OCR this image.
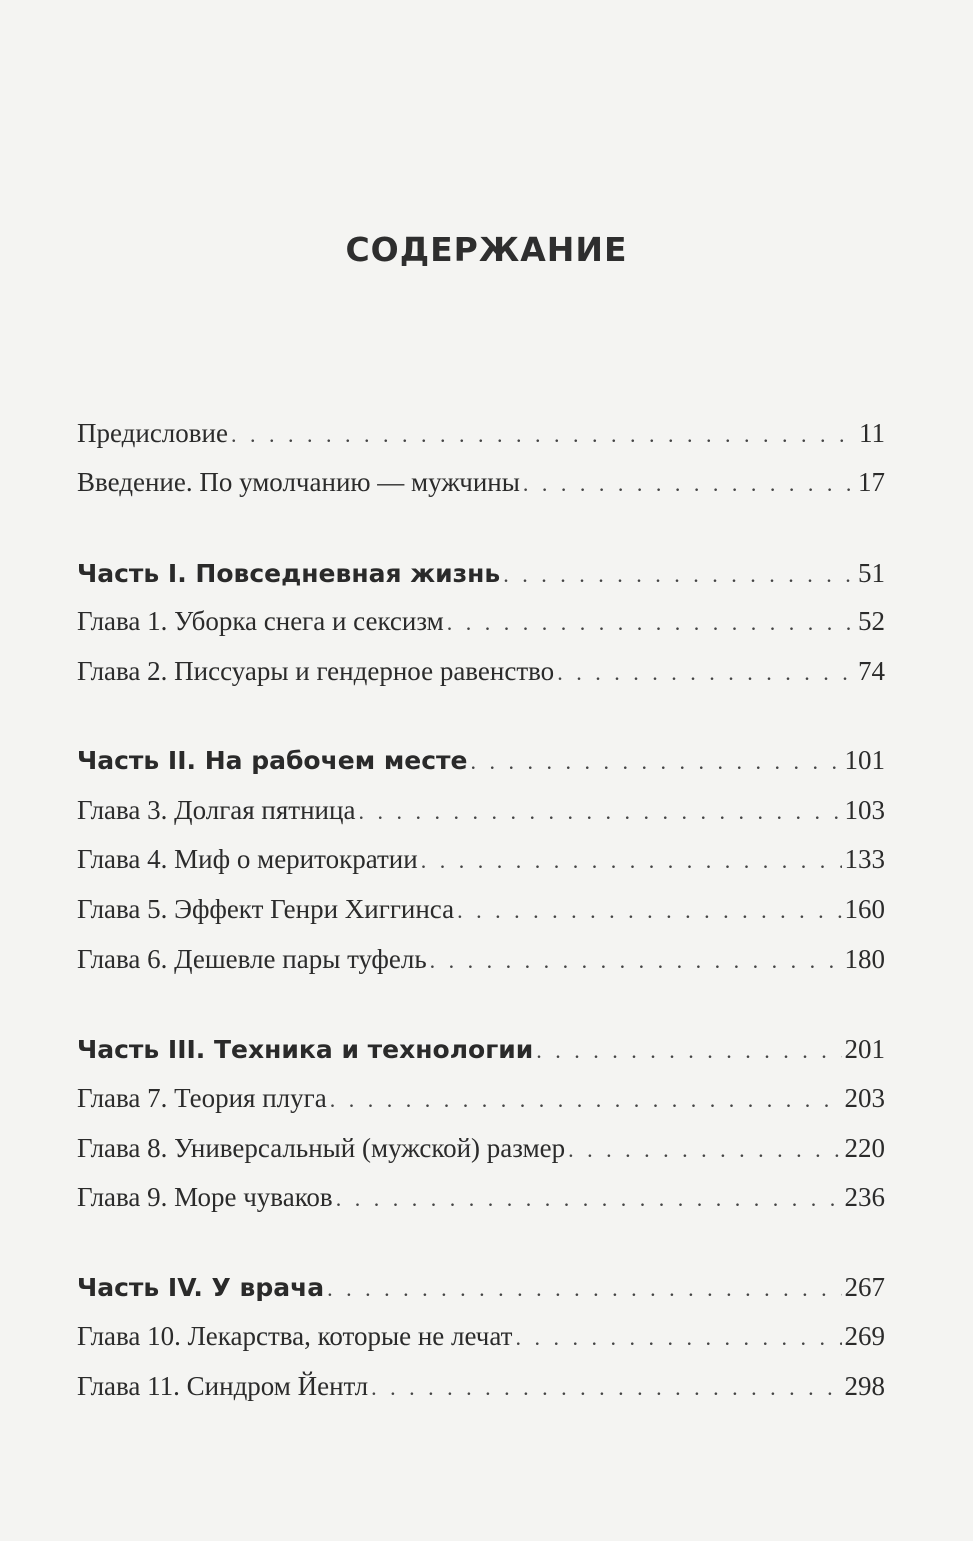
СОДЕРЖАНИЕ
Предисловие . . .	11
Введение. По умолчанию — мужчины . . .	17
Часть I. Повседневная жизнь . . .	51
Глава 1. Уборка снега и сексизм . . .	52
Глава 2. Писсуары и гендерное равенство . . .	74
Часть II. На рабочем месте . . .	101
Глава 3. Долгая пятница . . .	103
Глава 4. Миф о меритократии . . .	133
Глава 5. Эффект Генри Хиггинса . . .	160
Глава 6. Дешевле пары туфель . . .	180
Часть III. Техника и технологии . . .	201
Глава 7. Теория плуга . . .	203
Глава 8. Универсальный (мужской) размер . . .	220
Глава 9. Море чуваков . . .	236
Часть IV. У врача . . .	267
Глава 10. Лекарства, которые не лечат . . .	269
Глава 11. Синдром Йентл . . .	298
